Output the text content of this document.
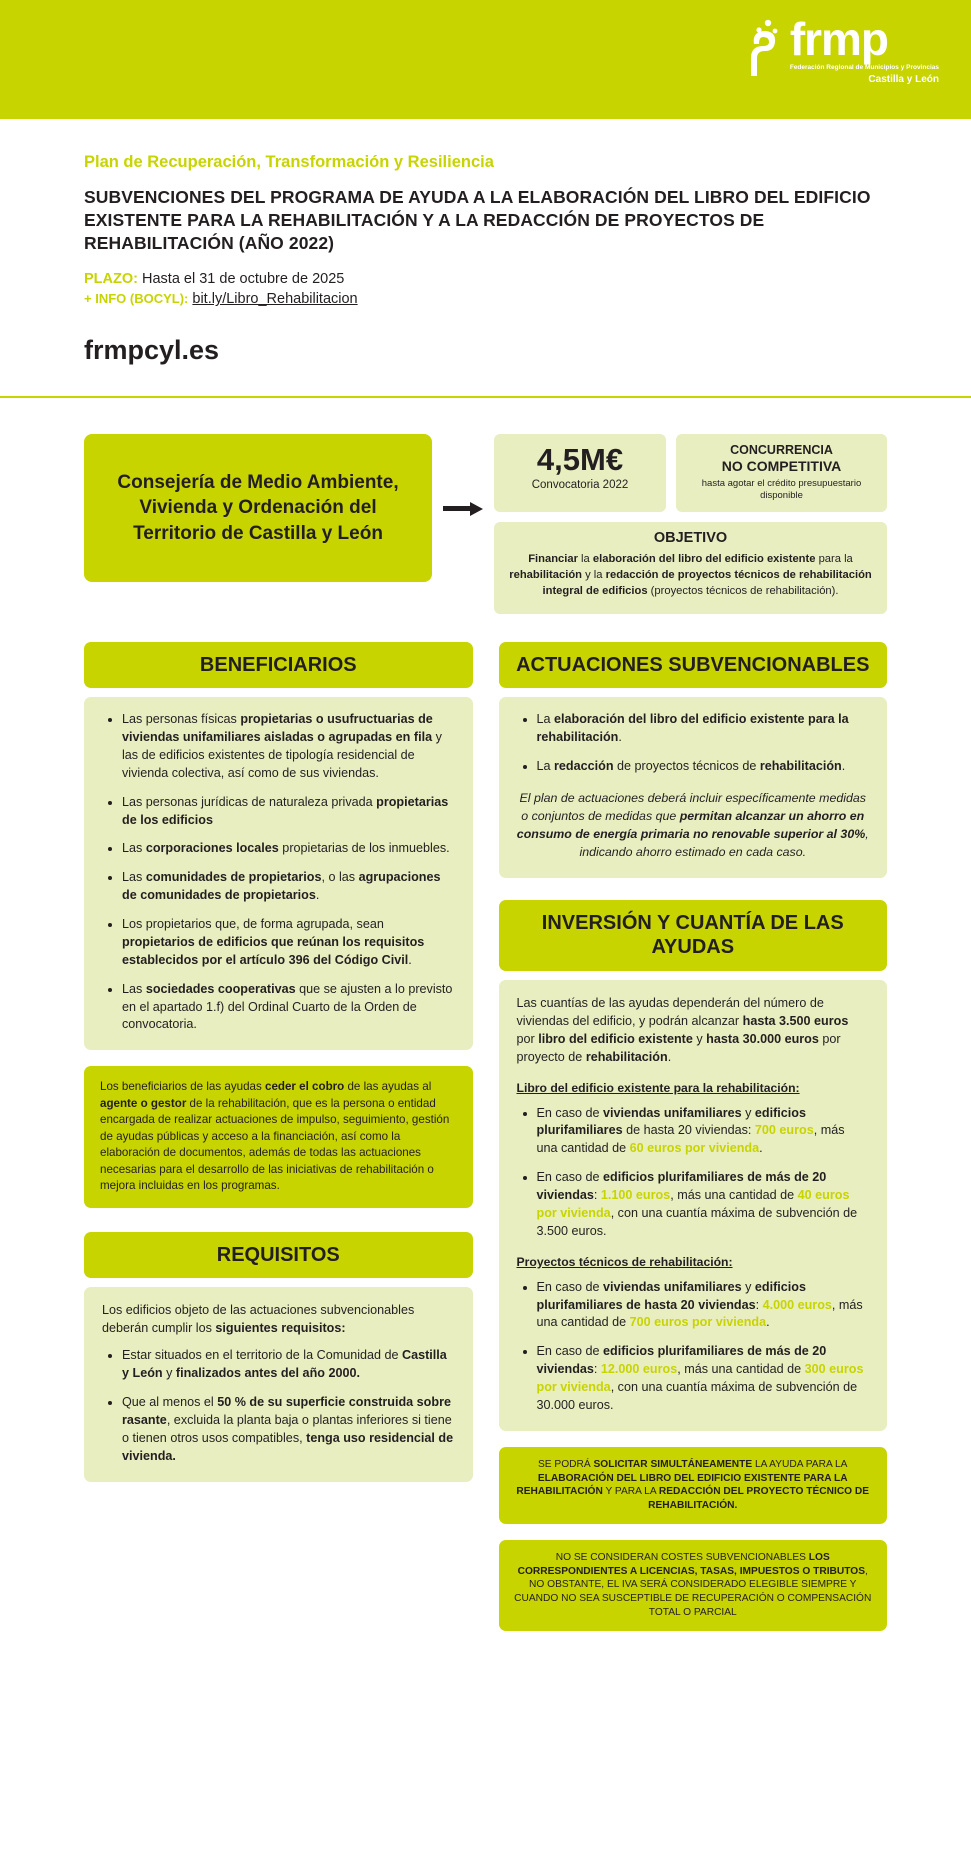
frmp
Federación Regional de Municipios y Provincias
Castilla y León
Plan de Recuperación, Transformación y Resiliencia
SUBVENCIONES DEL PROGRAMA DE AYUDA A LA ELABORACIÓN DEL LIBRO DEL EDIFICIO EXISTENTE PARA LA REHABILITACIÓN Y A LA REDACCIÓN DE PROYECTOS DE REHABILITACIÓN (AÑO 2022)
PLAZO: Hasta el 31 de octubre de 2025
+ INFO (BOCYL): bit.ly/Libro_Rehabilitacion
frmpcyl.es
Consejería de Medio Ambiente, Vivienda y Ordenación del Territorio de Castilla y León
4,5M€
Convocatoria 2022
CONCURRENCIA
NO COMPETITIVA
hasta agotar el crédito presupuestario disponible
OBJETIVO
Financiar la elaboración del libro del edificio existente para la rehabilitación y la redacción de proyectos técnicos de rehabilitación integral de edificios (proyectos técnicos de rehabilitación).
BENEFICIARIOS
• Las personas físicas propietarias o usufructuarias de viviendas unifamiliares aisladas o agrupadas en fila y las de edificios existentes de tipología residencial de vivienda colectiva, así como de sus viviendas.
• Las personas jurídicas de naturaleza privada propietarias de los edificios
• Las corporaciones locales propietarias de los inmuebles.
• Las comunidades de propietarios, o las agrupaciones de comunidades de propietarios.
• Los propietarios que, de forma agrupada, sean propietarios de edificios que reúnan los requisitos establecidos por el artículo 396 del Código Civil.
• Las sociedades cooperativas que se ajusten a lo previsto en el apartado 1.f) del Ordinal Cuarto de la Orden de convocatoria.
Los beneficiarios de las ayudas ceder el cobro de las ayudas al agente o gestor de la rehabilitación, que es la persona o entidad encargada de realizar actuaciones de impulso, seguimiento, gestión de ayudas públicas y acceso a la financiación, así como la elaboración de documentos, además de todas las actuaciones necesarias para el desarrollo de las iniciativas de rehabilitación o mejora incluidas en los programas.
REQUISITOS
Los edificios objeto de las actuaciones subvencionables deberán cumplir los siguientes requisitos:
• Estar situados en el territorio de la Comunidad de Castilla y León y finalizados antes del año 2000.
• Que al menos el 50 % de su superficie construida sobre rasante, excluida la planta baja o plantas inferiores si tiene o tienen otros usos compatibles, tenga uso residencial de vivienda.
ACTUACIONES SUBVENCIONABLES
• La elaboración del libro del edificio existente para la rehabilitación.
• La redacción de proyectos técnicos de rehabilitación.
El plan de actuaciones deberá incluir específicamente medidas o conjuntos de medidas que permitan alcanzar un ahorro en consumo de energía primaria no renovable superior al 30%, indicando ahorro estimado en cada caso.
INVERSIÓN Y CUANTÍA DE LAS AYUDAS
Las cuantías de las ayudas dependerán del número de viviendas del edificio, y podrán alcanzar hasta 3.500 euros por libro del edificio existente y hasta 30.000 euros por proyecto de rehabilitación.
Libro del edificio existente para la rehabilitación:
• En caso de viviendas unifamiliares y edificios plurifamiliares de hasta 20 viviendas: 700 euros, más una cantidad de 60 euros por vivienda.
• En caso de edificios plurifamiliares de más de 20 viviendas: 1.100 euros, más una cantidad de 40 euros por vivienda, con una cuantía máxima de subvención de 3.500 euros.
Proyectos técnicos de rehabilitación:
• En caso de viviendas unifamiliares y edificios plurifamiliares de hasta 20 viviendas: 4.000 euros, más una cantidad de 700 euros por vivienda.
• En caso de edificios plurifamiliares de más de 20 viviendas: 12.000 euros, más una cantidad de 300 euros por vivienda, con una cuantía máxima de subvención de 30.000 euros.
SE PODRÁ SOLICITAR SIMULTÁNEAMENTE LA AYUDA PARA LA ELABORACIÓN DEL LIBRO DEL EDIFICIO EXISTENTE PARA LA REHABILITACIÓN Y PARA LA REDACCIÓN DEL PROYECTO TÉCNICO DE REHABILITACIÓN.
NO SE CONSIDERAN COSTES SUBVENCIONABLES LOS CORRESPONDIENTES A LICENCIAS, TASAS, IMPUESTOS O TRIBUTOS, NO OBSTANTE, EL IVA SERÁ CONSIDERADO ELEGIBLE SIEMPRE Y CUANDO NO SEA SUSCEPTIBLE DE RECUPERACIÓN O COMPENSACIÓN TOTAL O PARCIAL
